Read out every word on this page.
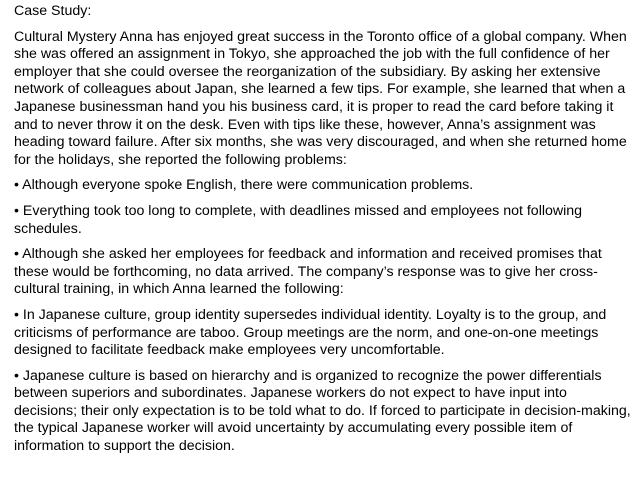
Case Study:
Cultural Mystery Anna has enjoyed great success in the Toronto office of a global company. When she was offered an assignment in Tokyo, she approached the job with the full confidence of her employer that she could oversee the reorganization of the subsidiary. By asking her extensive network of colleagues about Japan, she learned a few tips. For example, she learned that when a Japanese businessman hand you his business card, it is proper to read the card before taking it and to never throw it on the desk. Even with tips like these, however, Anna’s assignment was heading toward failure. After six months, she was very discouraged, and when she returned home for the holidays, she reported the following problems:
• Although everyone spoke English, there were communication problems.
• Everything took too long to complete, with deadlines missed and employees not following schedules.
• Although she asked her employees for feedback and information and received promises that these would be forthcoming, no data arrived. The company’s response was to give her cross-cultural training, in which Anna learned the following:
• In Japanese culture, group identity supersedes individual identity. Loyalty is to the group, and criticisms of performance are taboo. Group meetings are the norm, and one-on-one meetings designed to facilitate feedback make employees very uncomfortable.
• Japanese culture is based on hierarchy and is organized to recognize the power differentials between superiors and subordinates. Japanese workers do not expect to have input into decisions; their only expectation is to be told what to do. If forced to participate in decision-making, the typical Japanese worker will avoid uncertainty by accumulating every possible item of information to support the decision.
